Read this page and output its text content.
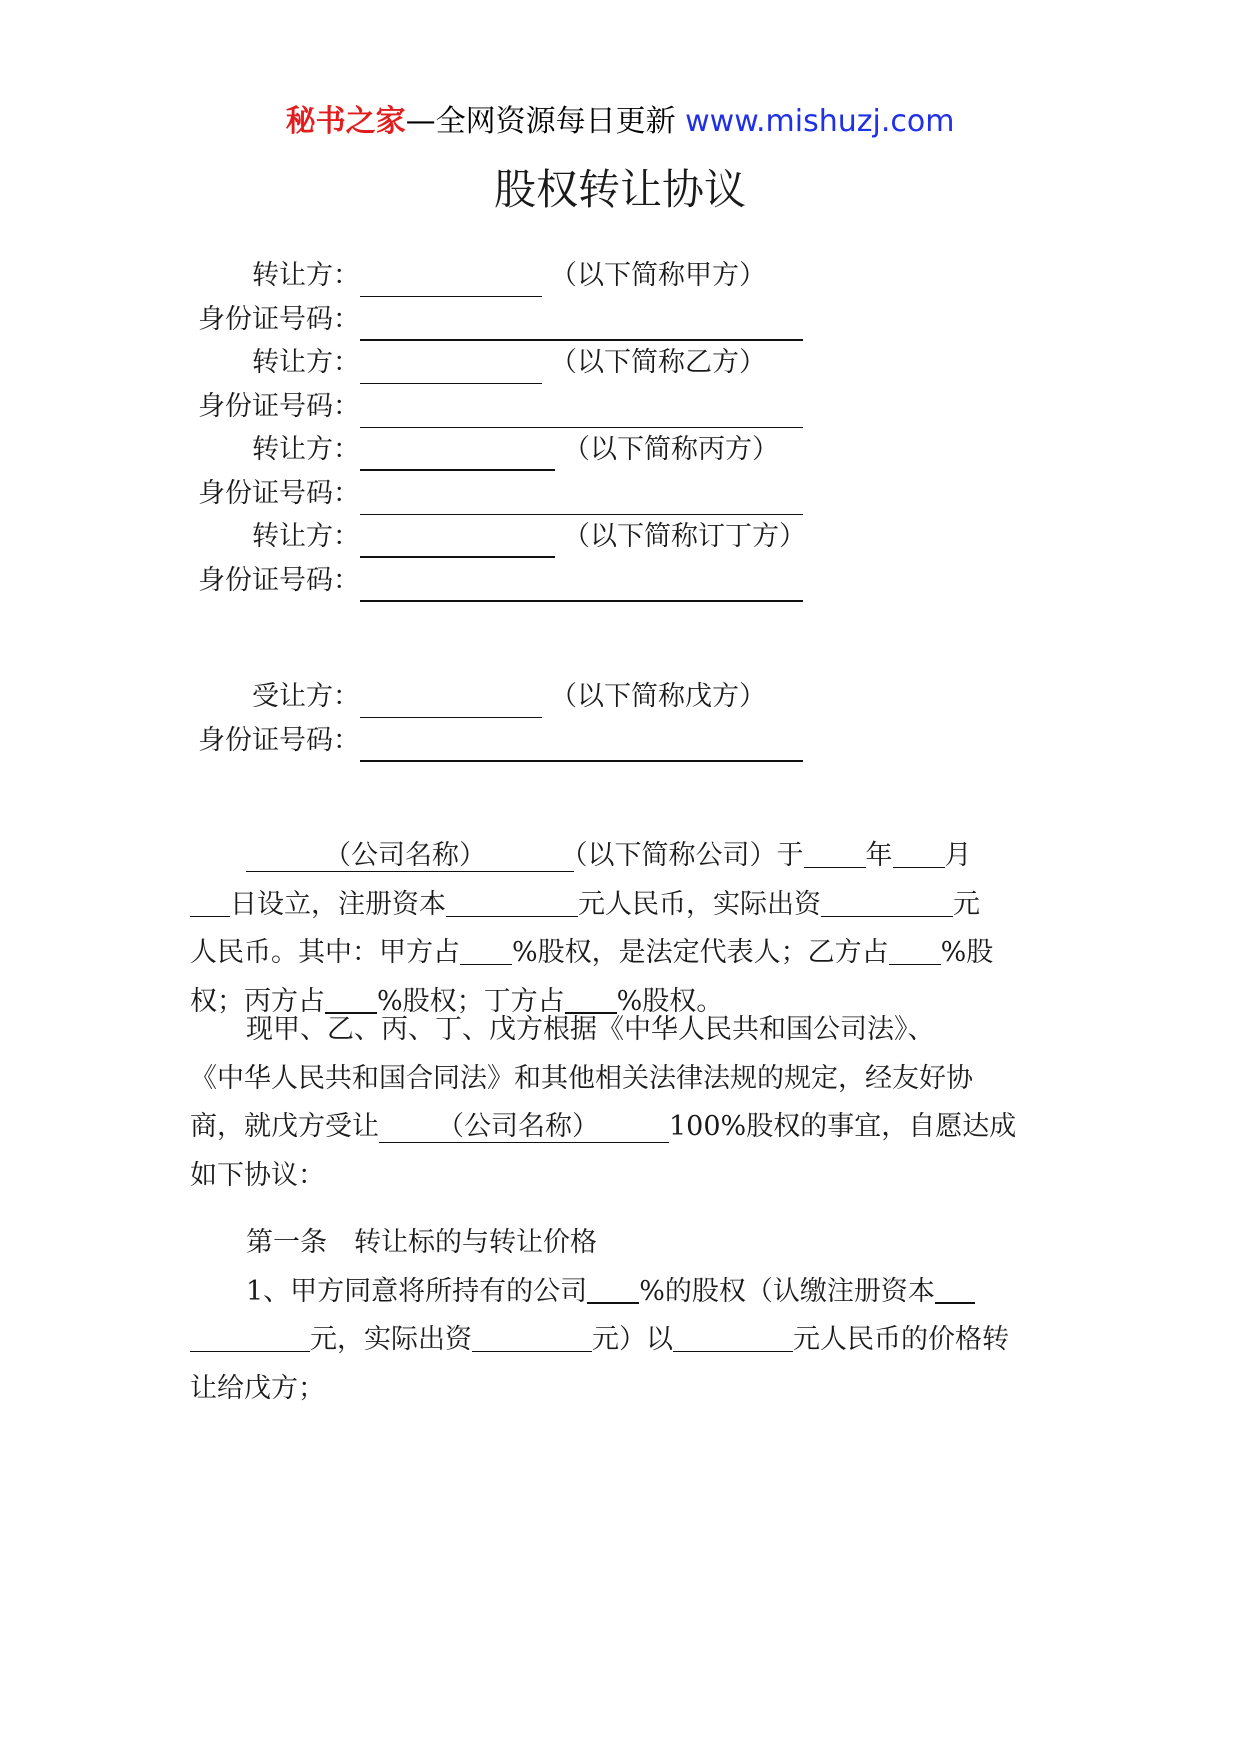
秘书之家—全网资源每日更新 www.mishuzj.com
股权转让协议
转让方：	（以下简称甲方）
身份证号码：
转让方：	（以下简称乙方）
身份证号码：
转让方：	（以下简称丙方）
身份证号码：
转让方：	（以下简称订丁方）
身份证号码：
受让方：	（以下简称戊方）
身份证号码：
（公司名称）	（以下简称公司）于 年 月
日设立，注册资本	元人民币，实际出资	元
人民币。其中：甲方占 %股权，是法定代表人；乙方占 %股
权；丙方占 %股权；丁方占 %股权。
现甲、乙、丙、丁、戊方根据《中华人民共和国公司法》、
《中华人民共和国合同法》和其他相关法律法规的规定，经友好协
商，就戊方受让 （公司名称）	100%股权的事宜，自愿达成
如下协议：
第一条　转让标的与转让价格
1、甲方同意将所持有的公司 %的股权（认缴注册资本
元，实际出资	元）以	元人民币的价格转
让给戊方；
